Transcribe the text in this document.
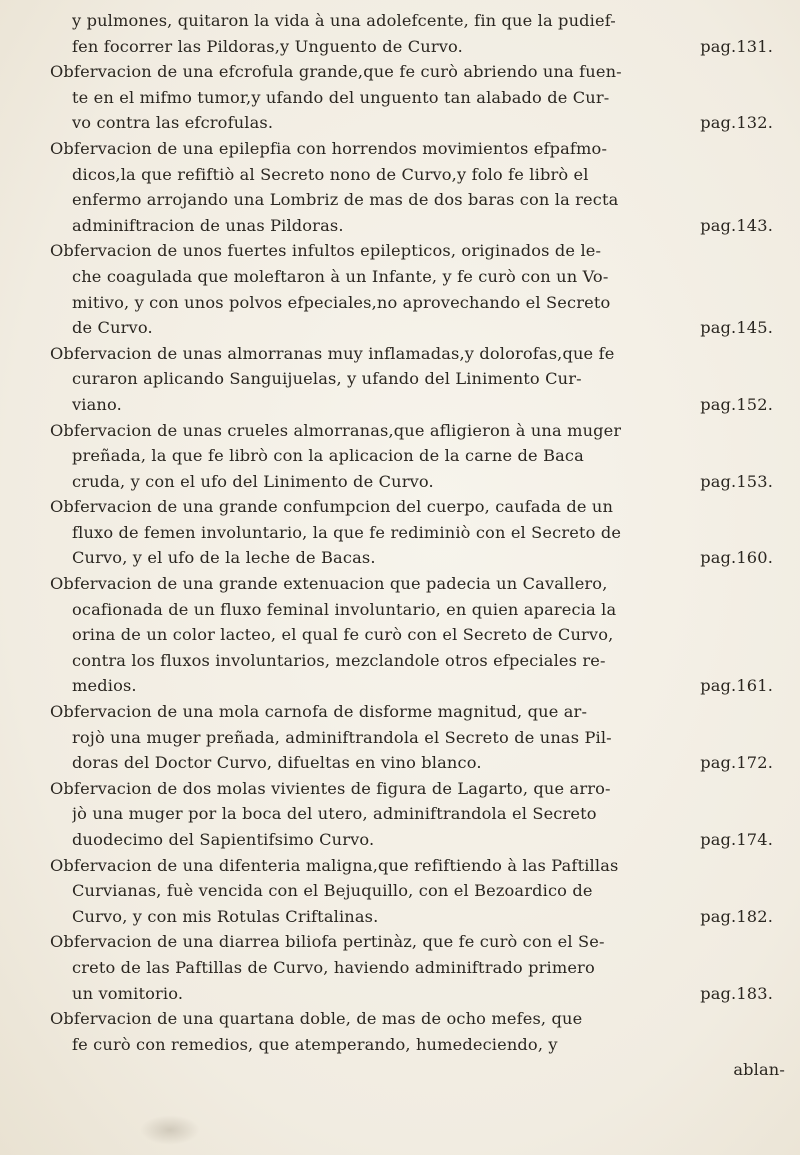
y pulmones, quitaron la vida à una adolefcente, fin que la pudief-
fen focorrer las Pildoras,y Unguento de Curvo.	pag.131.
Obfervacion de una efcrofula grande,que fe curò abriendo una fuen-
te en el mifmo tumor,y ufando del unguento tan alabado de Cur-
vo contra las efcrofulas.	pag.132.
Obfervacion de una epilepfia con horrendos movimientos efpafmo-
dicos,la que refiftiò al Secreto nono de Curvo,y folo fe librò el
enfermo arrojando una Lombriz de mas de dos baras con la recta
adminiftracion de unas Pildoras.	pag.143.
Obfervacion de unos fuertes infultos epilepticos, originados de le-
che coagulada que moleftaron à un Infante, y fe curò con un Vo-
mitivo, y con unos polvos efpeciales,no aprovechando el Secreto
de Curvo.	pag.145.
Obfervacion de unas almorranas muy inflamadas,y dolorofas,que fe
curaron aplicando Sanguijuelas, y ufando del Linimento Cur-
viano.	pag.152.
Obfervacion de unas crueles almorranas,que afligieron à una muger
preñada, la que fe librò con la aplicacion de la carne de Baca
cruda, y con el ufo del Linimento de Curvo.	pag.153.
Obfervacion de una grande confumpcion del cuerpo, caufada de un
fluxo de femen involuntario, la que fe rediminiò con el Secreto de
Curvo, y el ufo de la leche de Bacas.	pag.160.
Obfervacion de una grande extenuacion que padecia un Cavallero,
ocafionada de un fluxo feminal involuntario, en quien aparecia la
orina de un color lacteo, el qual fe curò con el Secreto de Curvo,
contra los fluxos involuntarios, mezclandole otros efpeciales re-
medios.	pag.161.
Obfervacion de una mola carnofa de disforme magnitud, que ar-
rojò una muger preñada, adminiftrandola el Secreto de unas Pil-
doras del Doctor Curvo, difueltas en vino blanco.	pag.172.
Obfervacion de dos molas vivientes de figura de Lagarto, que arro-
jò una muger por la boca del utero, adminiftrandola el Secreto
duodecimo del Sapientifsimo Curvo.	pag.174.
Obfervacion de una difenteria maligna,que refiftiendo à las Paftillas
Curvianas, fuè vencida con el Bejuquillo, con el Bezoardico de
Curvo, y con mis Rotulas Criftalinas.	pag.182.
Obfervacion de una diarrea biliofa pertinàz, que fe curò con el Se-
creto de las Paftillas de Curvo, haviendo adminiftrado primero
un vomitorio.	pag.183.
Obfervacion de una quartana doble, de mas de ocho mefes, que
fe curò con remedios, que atemperando, humedeciendo, y
ablan-
